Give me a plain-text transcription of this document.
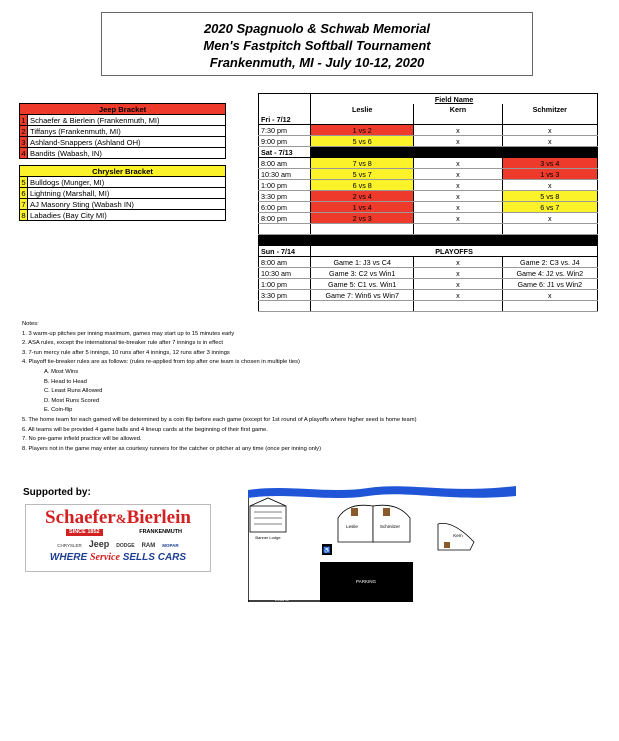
2020 Spagnuolo & Schwab Memorial
Men's Fastpitch Softball Tournament
Frankenmuth, MI - July 10-12, 2020
Jeep Bracket	
1	Schaefer & Bierlein (Frankenmuth, MI)
2	Tiffanys (Frankenmuth, MI)
3	Ashland-Snappers (Ashland OH)
4	Bandits (Wabash, IN)
Chrysler Bracket	
5	Bulldogs (Munger, MI)
6	Lightning (Marshall, MI)
7	AJ Masonry Sting (Wabash IN)
8	Labadies (Bay City MI)
	Field Name		
	Leslie	Kern	Schmitzer
Fri - 7/12			
7:30 pm	1 vs 2	x	x
9:00 pm	5 vs 6	x	x
Sat - 7/13			
8:00 am	7 vs 8	x	3 vs 4
10:30 am	5 vs 7	x	1 vs 3
1:00 pm	6 vs 8	x	x
3:30 pm	2 vs 4	x	5 vs 8
6:00 pm	1 vs 4	x	6 vs 7
8:00 pm	2 vs 3	x	x

Sun - 7/14	PLAYOFFS		
8:00 am	Game 1: J3 vs C4	x	Game 2: C3 vs. J4
10:30 am	Game 3: C2 vs Win1	x	Game 4: J2 vs. Win2
1:00 pm	Game 5: C1 vs. Win1	x	Game 6: J1 vs Win2
3:30 pm	Game 7: Win6 vs Win7	x	x

Notes:
1. 3 warm-up pitches per inning maximum, games may start up to 15 minutes early
2. ASA rules, except the international tie-breaker rule after 7 innings is in effect
3. 7-run mercy rule after 5 innings, 10 runs after 4 innings, 12 runs after 3 innings
4. Playoff tie-breaker rules are as follows: (rules re-applied from top after one team is chosen in multiple ties)
A. Most Wins
B. Head to Head
C. Least Runs Allowed
D. Most Runs Scored
E. Coin-flip
5. The home team for each gamed will be determined by a coin flip before each game (except for 1st round of A playoffs where higher seed is home team)
6. All teams will be provided 4 game balls and 4 lineup cards at the beginning of their first game.
7. No pre-game infield practice will be allowed.
8. Players not in the game may enter as courtesy runners for the catcher or pitcher at any time (once per inning only)
Supported by:
Schaefer&Bierlein
SINCE 1852	FRANKENMUTH
CHRYSLER Jeep DODGE RAM MOPAR
WHERE Service SELLS CARS
Banner Lodge
Leslie	Schmitzer
Kern
♿
PARKING
Weiss St.
